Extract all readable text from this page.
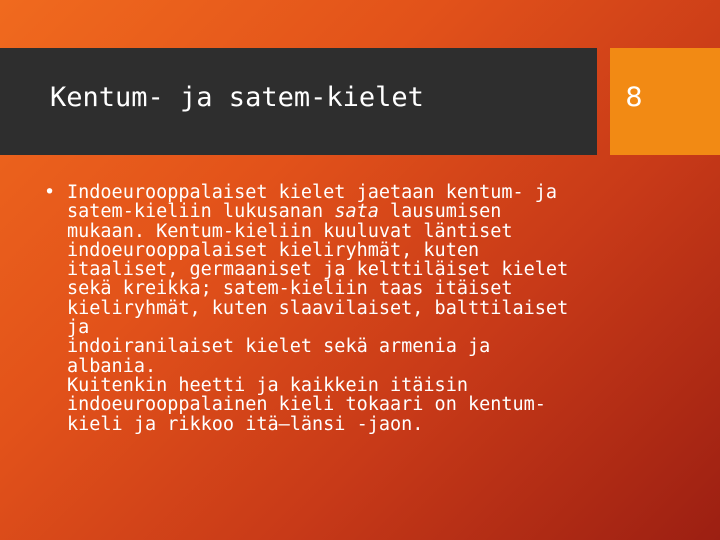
Kentum- ja satem-kielet	8
• Indoeurooppalaiset kielet jaetaan kentum- ja
satem-kieliin lukusanan sata lausumisen
mukaan. Kentum-kieliin kuuluvat läntiset
indoeurooppalaiset kieliryhmät, kuten
itaaliset, germaaniset ja kelttiläiset kielet
sekä kreikka; satem-kieliin taas itäiset
kieliryhmät, kuten slaavilaiset, balttilaiset ja
indoiranilaiset kielet sekä armenia ja albania.
Kuitenkin heetti ja kaikkein itäisin
indoeurooppalainen kieli tokaari on kentum-
kieli ja rikkoo itä–länsi -jaon.
